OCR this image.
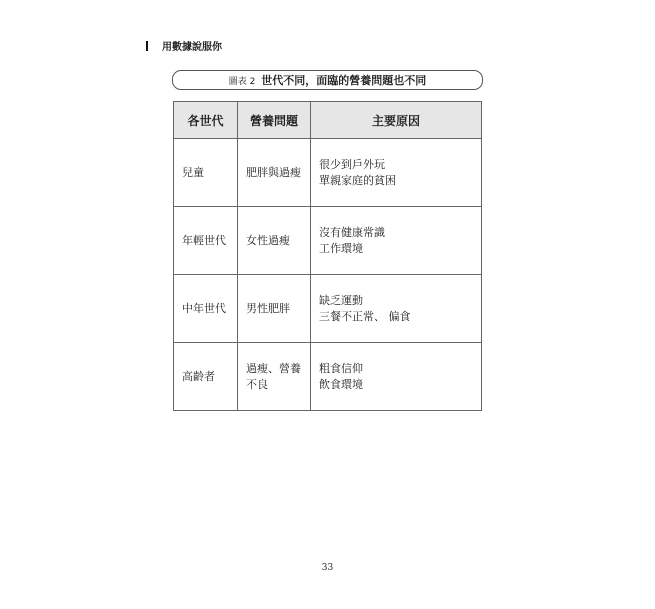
用數據說服你
圖表 2 世代不同，面臨的營養問題也不同
各世代	營養問題	主要原因
兒童	肥胖與過瘦	很少到戶外玩
單親家庭的貧困

年輕世代	女性過瘦	沒有健康常識
工作環境

中年世代	男性肥胖	缺乏運動
三餐不正常、 偏食

高齡者	過瘦、營養不良	粗食信仰
飲食環境
33
